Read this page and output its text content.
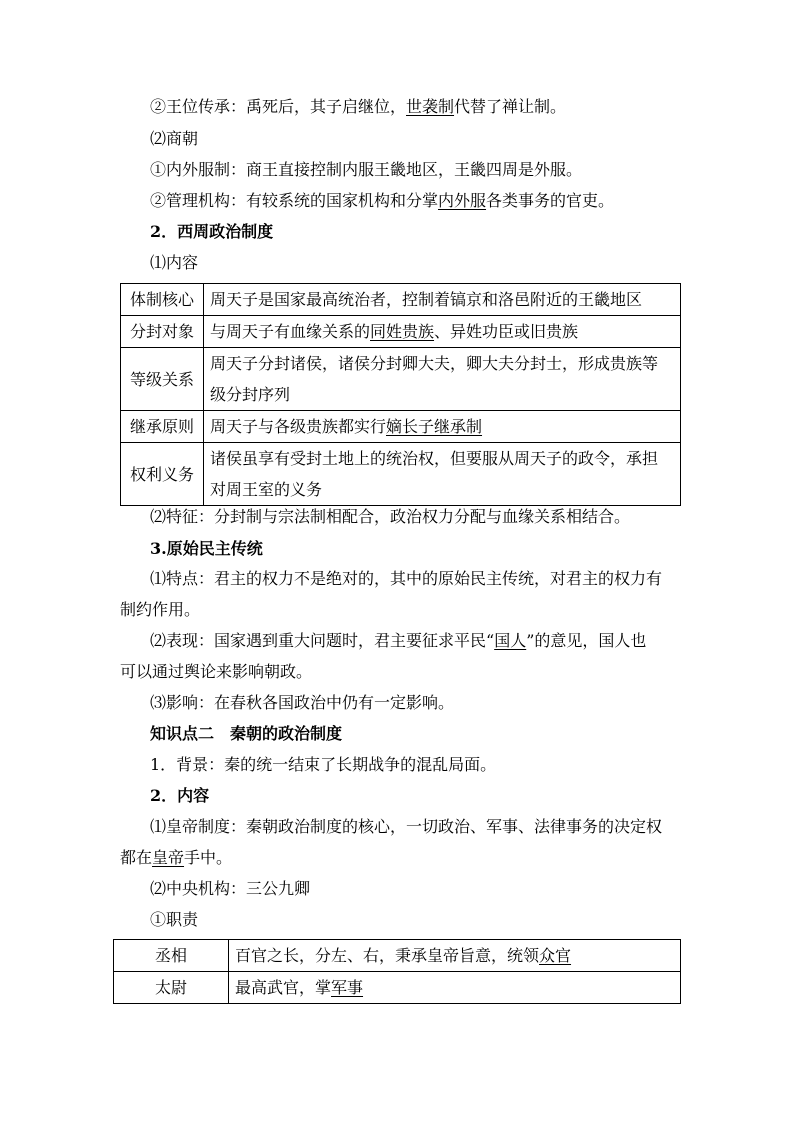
②王位传承：禹死后，其子启继位，世袭制代替了禅让制。
⑵商朝
①内外服制：商王直接控制内服王畿地区，王畿四周是外服。
②管理机构：有较系统的国家机构和分掌内外服各类事务的官吏。
2．西周政治制度
⑴内容
体制核心	周天子是国家最高统治者，控制着镐京和洛邑附近的王畿地区
分封对象	与周天子有血缘关系的同姓贵族、异姓功臣或旧贵族
等级关系	周天子分封诸侯，诸侯分封卿大夫，卿大夫分封士，形成贵族等
级分封序列

继承原则	周天子与各级贵族都实行嫡长子继承制
权利义务	诸侯虽享有受封土地上的统治权，但要服从周天子的政令，承担
对周王室的义务
⑵特征：分封制与宗法制相配合，政治权力分配与血缘关系相结合。
3.原始民主传统
⑴特点：君主的权力不是绝对的，其中的原始民主传统，对君主的权力有
制约作用。
⑵表现：国家遇到重大问题时，君主要征求平民“国人”的意见，国人也
可以通过舆论来影响朝政。
⑶影响：在春秋各国政治中仍有一定影响。
知识点二　秦朝的政治制度
1．背景：秦的统一结束了长期战争的混乱局面。
2．内容
⑴皇帝制度：秦朝政治制度的核心，一切政治、军事、法律事务的决定权
都在皇帝手中。
⑵中央机构：三公九卿
①职责
丞相	百官之长，分左、右，秉承皇帝旨意，统领众官
太尉	最高武官，掌军事
